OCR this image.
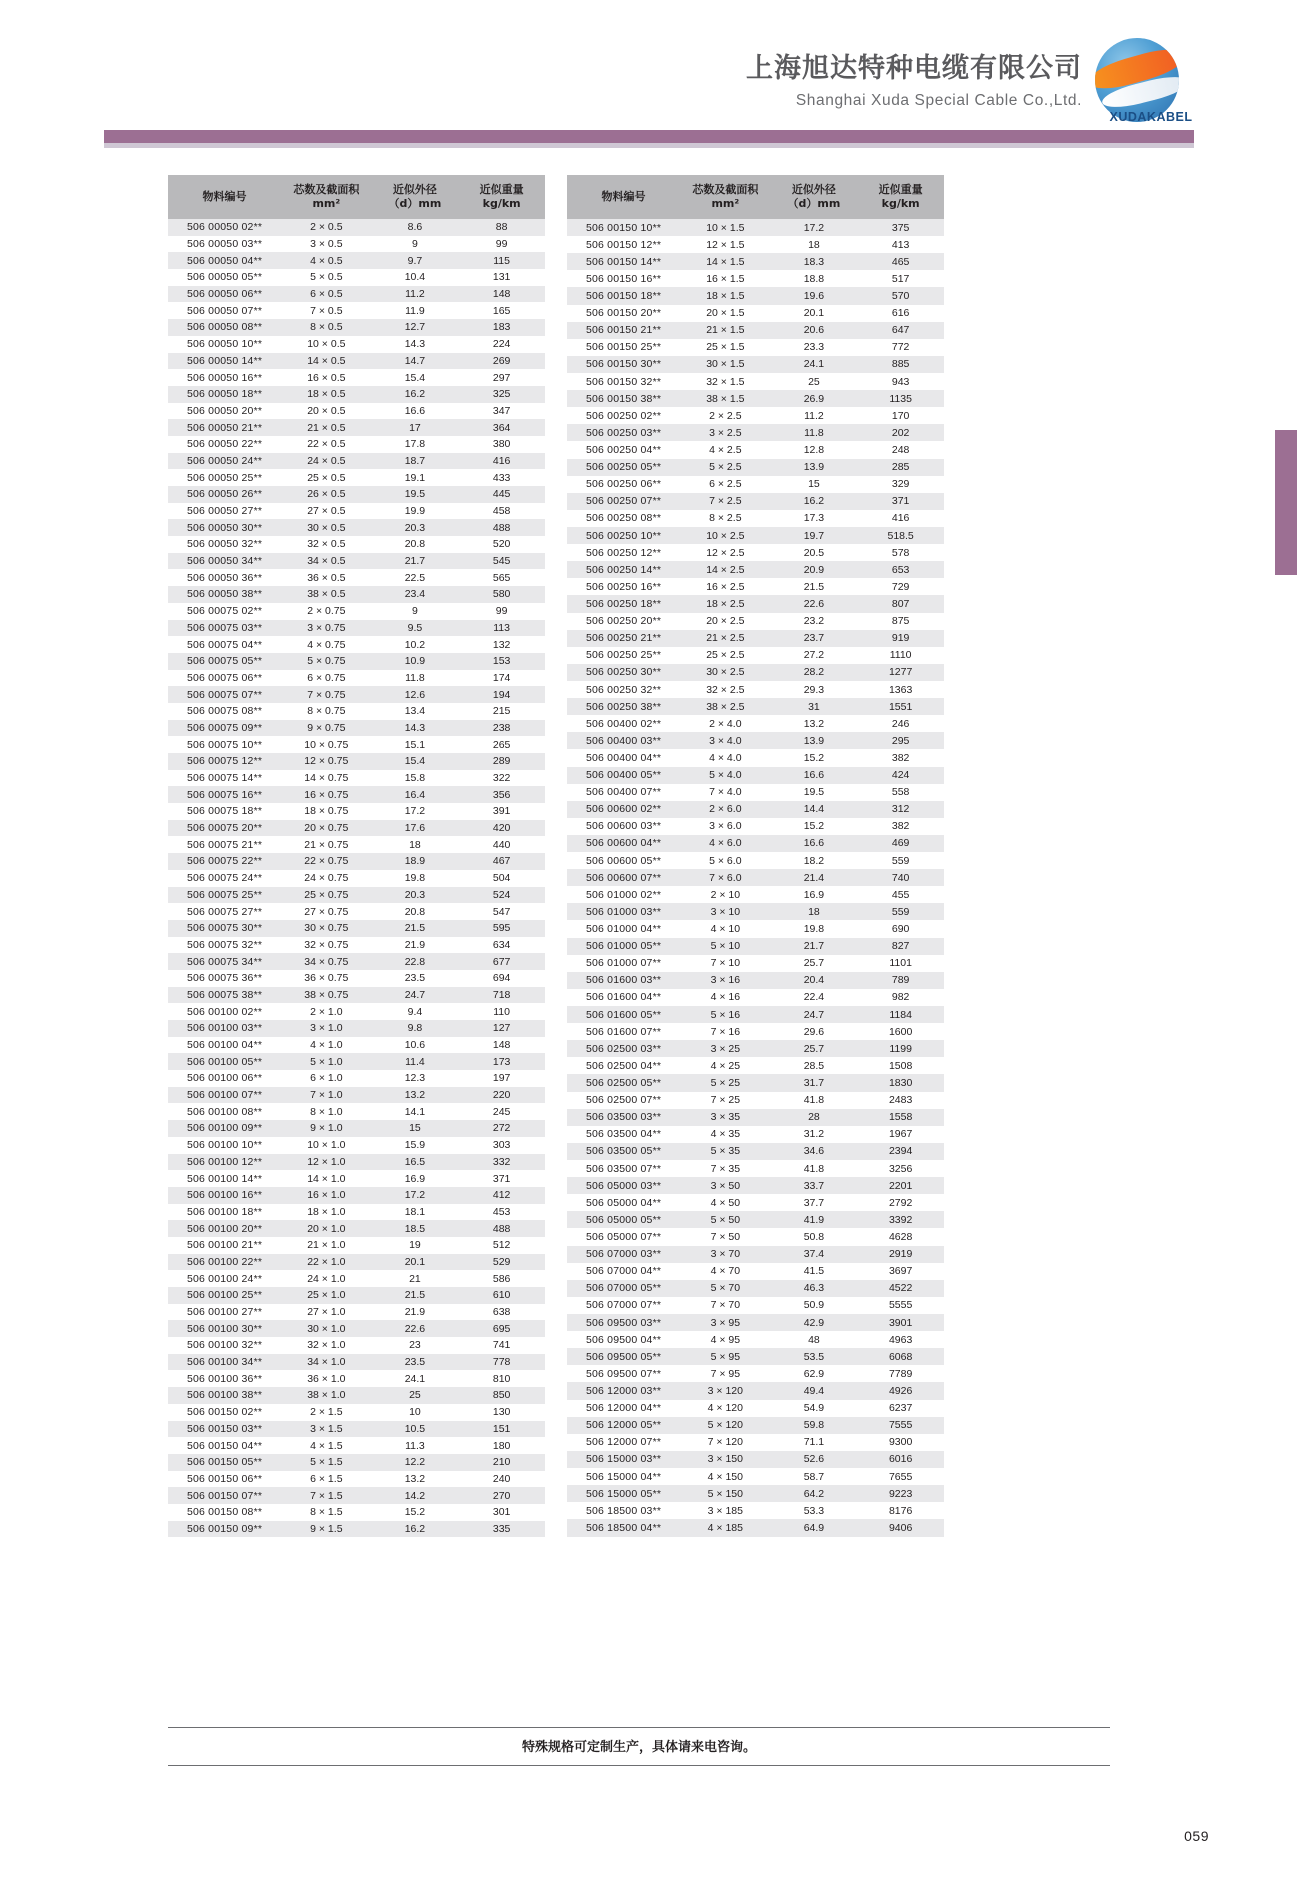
上海旭达特种电缆有限公司
Shanghai Xuda Special Cable Co.,Ltd.
XUDAKABEL
物料编号	
芯数及截面积
mm²

近似外径
（d）mm

近似重量
kg/km

506 00050 02**	2 × 0.5	8.6	88
506 00050 03**	3 × 0.5	9	99
506 00050 04**	4 × 0.5	9.7	115
506 00050 05**	5 × 0.5	10.4	131
506 00050 06**	6 × 0.5	11.2	148
506 00050 07**	7 × 0.5	11.9	165
506 00050 08**	8 × 0.5	12.7	183
506 00050 10**	10 × 0.5	14.3	224
506 00050 14**	14 × 0.5	14.7	269
506 00050 16**	16 × 0.5	15.4	297
506 00050 18**	18 × 0.5	16.2	325
506 00050 20**	20 × 0.5	16.6	347
506 00050 21**	21 × 0.5	17	364
506 00050 22**	22 × 0.5	17.8	380
506 00050 24**	24 × 0.5	18.7	416
506 00050 25**	25 × 0.5	19.1	433
506 00050 26**	26 × 0.5	19.5	445
506 00050 27**	27 × 0.5	19.9	458
506 00050 30**	30 × 0.5	20.3	488
506 00050 32**	32 × 0.5	20.8	520
506 00050 34**	34 × 0.5	21.7	545
506 00050 36**	36 × 0.5	22.5	565
506 00050 38**	38 × 0.5	23.4	580
506 00075 02**	2 × 0.75	9	99
506 00075 03**	3 × 0.75	9.5	113
506 00075 04**	4 × 0.75	10.2	132
506 00075 05**	5 × 0.75	10.9	153
506 00075 06**	6 × 0.75	11.8	174
506 00075 07**	7 × 0.75	12.6	194
506 00075 08**	8 × 0.75	13.4	215
506 00075 09**	9 × 0.75	14.3	238
506 00075 10**	10 × 0.75	15.1	265
506 00075 12**	12 × 0.75	15.4	289
506 00075 14**	14 × 0.75	15.8	322
506 00075 16**	16 × 0.75	16.4	356
506 00075 18**	18 × 0.75	17.2	391
506 00075 20**	20 × 0.75	17.6	420
506 00075 21**	21 × 0.75	18	440
506 00075 22**	22 × 0.75	18.9	467
506 00075 24**	24 × 0.75	19.8	504
506 00075 25**	25 × 0.75	20.3	524
506 00075 27**	27 × 0.75	20.8	547
506 00075 30**	30 × 0.75	21.5	595
506 00075 32**	32 × 0.75	21.9	634
506 00075 34**	34 × 0.75	22.8	677
506 00075 36**	36 × 0.75	23.5	694
506 00075 38**	38 × 0.75	24.7	718
506 00100 02**	2 × 1.0	9.4	110
506 00100 03**	3 × 1.0	9.8	127
506 00100 04**	4 × 1.0	10.6	148
506 00100 05**	5 × 1.0	11.4	173
506 00100 06**	6 × 1.0	12.3	197
506 00100 07**	7 × 1.0	13.2	220
506 00100 08**	8 × 1.0	14.1	245
506 00100 09**	9 × 1.0	15	272
506 00100 10**	10 × 1.0	15.9	303
506 00100 12**	12 × 1.0	16.5	332
506 00100 14**	14 × 1.0	16.9	371
506 00100 16**	16 × 1.0	17.2	412
506 00100 18**	18 × 1.0	18.1	453
506 00100 20**	20 × 1.0	18.5	488
506 00100 21**	21 × 1.0	19	512
506 00100 22**	22 × 1.0	20.1	529
506 00100 24**	24 × 1.0	21	586
506 00100 25**	25 × 1.0	21.5	610
506 00100 27**	27 × 1.0	21.9	638
506 00100 30**	30 × 1.0	22.6	695
506 00100 32**	32 × 1.0	23	741
506 00100 34**	34 × 1.0	23.5	778
506 00100 36**	36 × 1.0	24.1	810
506 00100 38**	38 × 1.0	25	850
506 00150 02**	2 × 1.5	10	130
506 00150 03**	3 × 1.5	10.5	151
506 00150 04**	4 × 1.5	11.3	180
506 00150 05**	5 × 1.5	12.2	210
506 00150 06**	6 × 1.5	13.2	240
506 00150 07**	7 × 1.5	14.2	270
506 00150 08**	8 × 1.5	15.2	301
506 00150 09**	9 × 1.5	16.2	335
物料编号	
芯数及截面积
mm²

近似外径
（d）mm

近似重量
kg/km

506 00150 10**	10 × 1.5	17.2	375
506 00150 12**	12 × 1.5	18	413
506 00150 14**	14 × 1.5	18.3	465
506 00150 16**	16 × 1.5	18.8	517
506 00150 18**	18 × 1.5	19.6	570
506 00150 20**	20 × 1.5	20.1	616
506 00150 21**	21 × 1.5	20.6	647
506 00150 25**	25 × 1.5	23.3	772
506 00150 30**	30 × 1.5	24.1	885
506 00150 32**	32 × 1.5	25	943
506 00150 38**	38 × 1.5	26.9	1135
506 00250 02**	2 × 2.5	11.2	170
506 00250 03**	3 × 2.5	11.8	202
506 00250 04**	4 × 2.5	12.8	248
506 00250 05**	5 × 2.5	13.9	285
506 00250 06**	6 × 2.5	15	329
506 00250 07**	7 × 2.5	16.2	371
506 00250 08**	8 × 2.5	17.3	416
506 00250 10**	10 × 2.5	19.7	518.5
506 00250 12**	12 × 2.5	20.5	578
506 00250 14**	14 × 2.5	20.9	653
506 00250 16**	16 × 2.5	21.5	729
506 00250 18**	18 × 2.5	22.6	807
506 00250 20**	20 × 2.5	23.2	875
506 00250 21**	21 × 2.5	23.7	919
506 00250 25**	25 × 2.5	27.2	1110
506 00250 30**	30 × 2.5	28.2	1277
506 00250 32**	32 × 2.5	29.3	1363
506 00250 38**	38 × 2.5	31	1551
506 00400 02**	2 × 4.0	13.2	246
506 00400 03**	3 × 4.0	13.9	295
506 00400 04**	4 × 4.0	15.2	382
506 00400 05**	5 × 4.0	16.6	424
506 00400 07**	7 × 4.0	19.5	558
506 00600 02**	2 × 6.0	14.4	312
506 00600 03**	3 × 6.0	15.2	382
506 00600 04**	4 × 6.0	16.6	469
506 00600 05**	5 × 6.0	18.2	559
506 00600 07**	7 × 6.0	21.4	740
506 01000 02**	2 × 10	16.9	455
506 01000 03**	3 × 10	18	559
506 01000 04**	4 × 10	19.8	690
506 01000 05**	5 × 10	21.7	827
506 01000 07**	7 × 10	25.7	1101
506 01600 03**	3 × 16	20.4	789
506 01600 04**	4 × 16	22.4	982
506 01600 05**	5 × 16	24.7	1184
506 01600 07**	7 × 16	29.6	1600
506 02500 03**	3 × 25	25.7	1199
506 02500 04**	4 × 25	28.5	1508
506 02500 05**	5 × 25	31.7	1830
506 02500 07**	7 × 25	41.8	2483
506 03500 03**	3 × 35	28	1558
506 03500 04**	4 × 35	31.2	1967
506 03500 05**	5 × 35	34.6	2394
506 03500 07**	7 × 35	41.8	3256
506 05000 03**	3 × 50	33.7	2201
506 05000 04**	4 × 50	37.7	2792
506 05000 05**	5 × 50	41.9	3392
506 05000 07**	7 × 50	50.8	4628
506 07000 03**	3 × 70	37.4	2919
506 07000 04**	4 × 70	41.5	3697
506 07000 05**	5 × 70	46.3	4522
506 07000 07**	7 × 70	50.9	5555
506 09500 03**	3 × 95	42.9	3901
506 09500 04**	4 × 95	48	4963
506 09500 05**	5 × 95	53.5	6068
506 09500 07**	7 × 95	62.9	7789
506 12000 03**	3 × 120	49.4	4926
506 12000 04**	4 × 120	54.9	6237
506 12000 05**	5 × 120	59.8	7555
506 12000 07**	7 × 120	71.1	9300
506 15000 03**	3 × 150	52.6	6016
506 15000 04**	4 × 150	58.7	7655
506 15000 05**	5 × 150	64.2	9223
506 18500 03**	3 × 185	53.3	8176
506 18500 04**	4 × 185	64.9	9406
特殊规格可定制生产，具体请来电咨询。
059
